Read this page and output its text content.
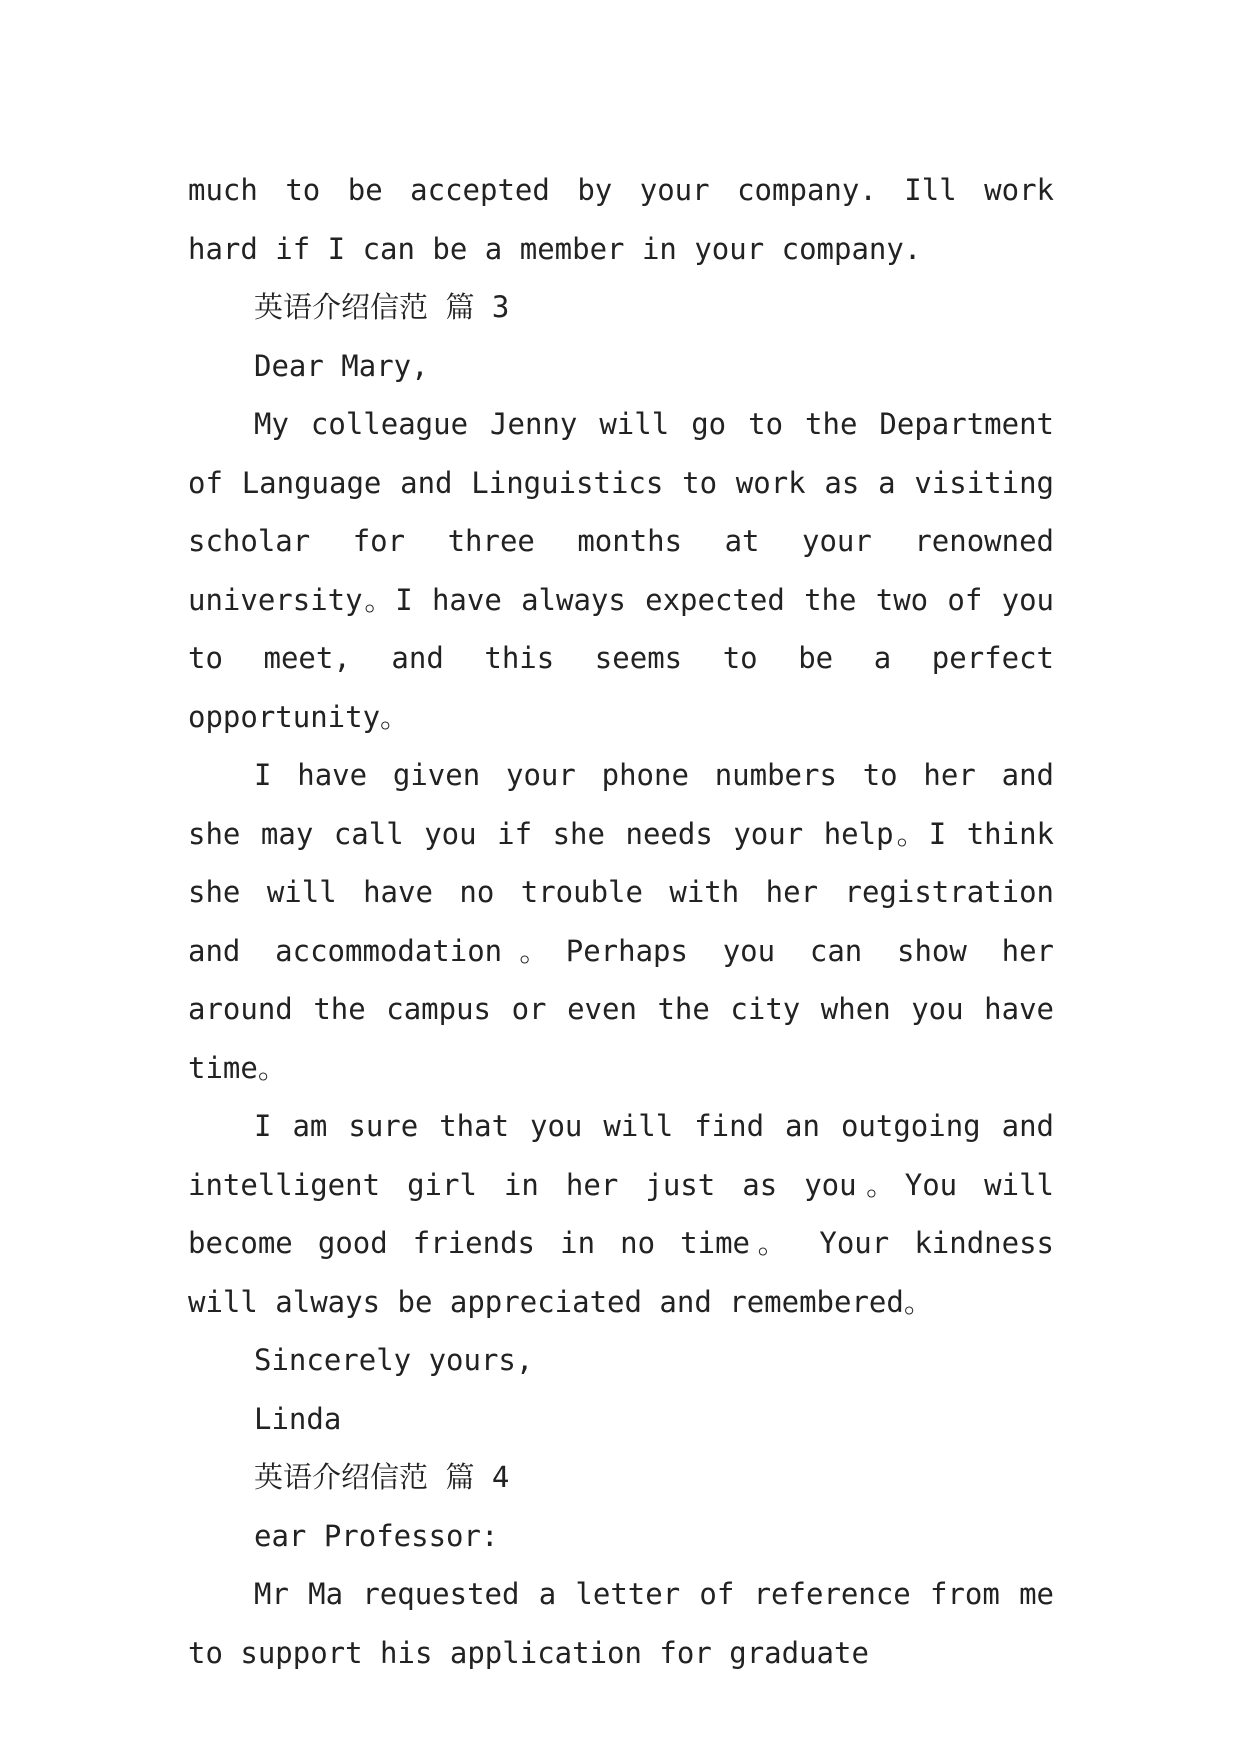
much to be accepted by your company. Ill work hard if I can be a member in your company.

英语介绍信范 篇 3

Dear Mary,

My colleague Jenny will go to the Department of Language and Linguistics to work as a visiting scholar for three months at your renowned university。I have always expected the two of you to meet, and this seems to be a perfect opportunity。

I have given your phone numbers to her and she may call you if she needs your help。I think she will have no trouble with her registration and accommodation。Perhaps you can show her around the campus or even the city when you have time。

I am sure that you will find an outgoing and intelligent girl in her just as you。You will become good friends in no time。 Your kindness will always be appreciated and remembered。

Sincerely yours,

Linda

英语介绍信范 篇 4

ear Professor:

Mr Ma requested a letter of reference from me to support his application for graduate
